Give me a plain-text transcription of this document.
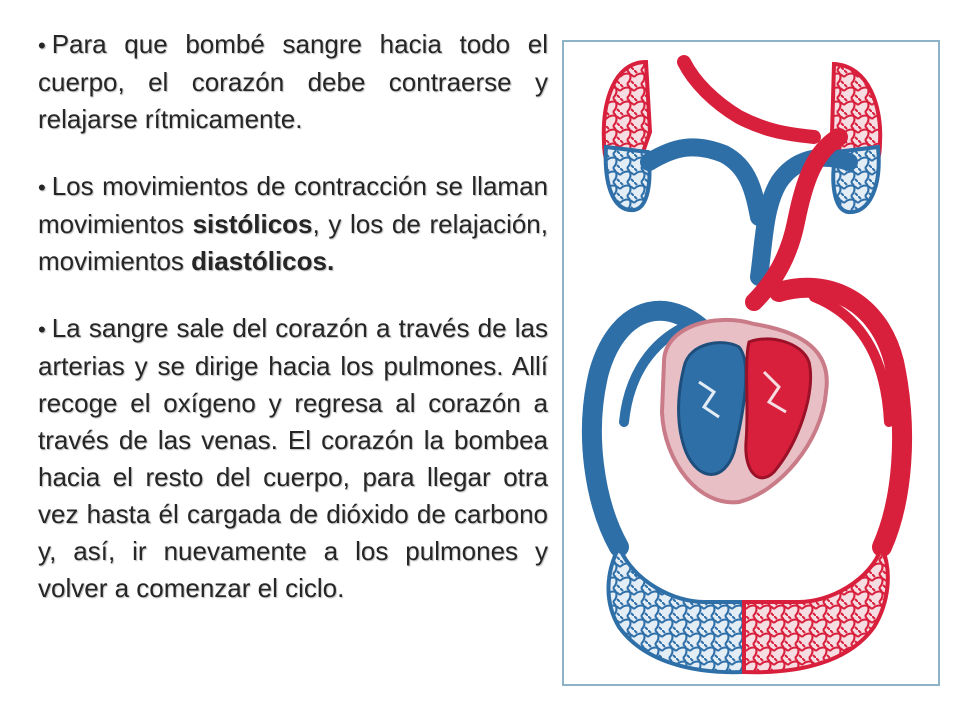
• Para que bombé sangre hacia todo el cuerpo, el corazón debe contraerse y relajarse rítmicamente.

• Los movimientos de contracción se llaman movimientos sistólicos, y los de relajación, movimientos diastólicos.

• La sangre sale del corazón a través de las arterias y se dirige hacia los pulmones. Allí recoge el oxígeno y regresa al corazón a través de las venas. El corazón la bombea hacia el resto del cuerpo, para llegar otra vez hasta él cargada de dióxido de carbono y, así, ir nuevamente a los pulmones y volver a comenzar el ciclo.
